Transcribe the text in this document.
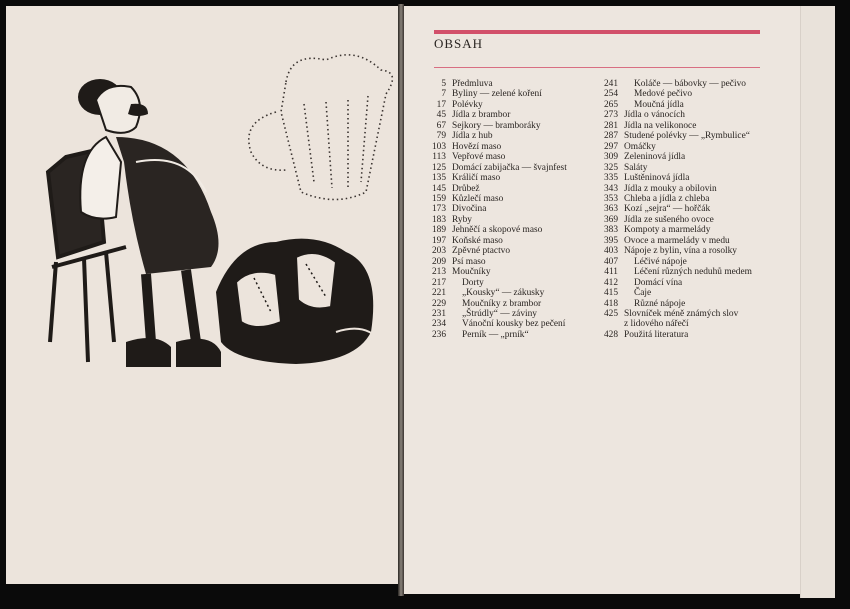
OBSAH
5 Předmluva
7 Byliny — zelené koření
17 Polévky
45 Jídla z brambor
67 Sejkory — bramboráky
79 Jídla z hub
103 Hovězí maso
113 Vepřové maso
125 Domácí zabijačka — švajnfest
135 Králičí maso
145 Drůbež
159 Kůzlečí maso
173 Divočina
183 Ryby
189 Jehněčí a skopové maso
197 Koňské maso
203 Zpěvné ptactvo
209 Psí maso
213 Moučníky
217	Dorty
221	„Kousky“ — zákusky
229	Moučníky z brambor
231	„Štrúdly“ — záviny
234	Vánoční kousky bez pečení
236	Perník — „prník“
241	Koláče — bábovky — pečivo
254	Medové pečivo
265	Moučná jídla
273 Jídla o vánocích
281 Jídla na velikonoce
287 Studené polévky — „Rymbulice“
297 Omáčky
309 Zeleninová jídla
325 Saláty
335 Luštěninová jídla
343 Jídla z mouky a obilovin
353 Chleba a jídla z chleba
363 Kozí „sejra“ — hořčák
369 Jídla ze sušeného ovoce
383 Kompoty a marmelády
395 Ovoce a marmelády v medu
403 Nápoje z bylin, vína a rosolky
407	Léčivé nápoje
411	Léčení různých neduhů medem
412	Domácí vína
415	Čaje
418	Různé nápoje
425 Slovníček méně známých slov
z lidového nářečí
428 Použitá literatura
